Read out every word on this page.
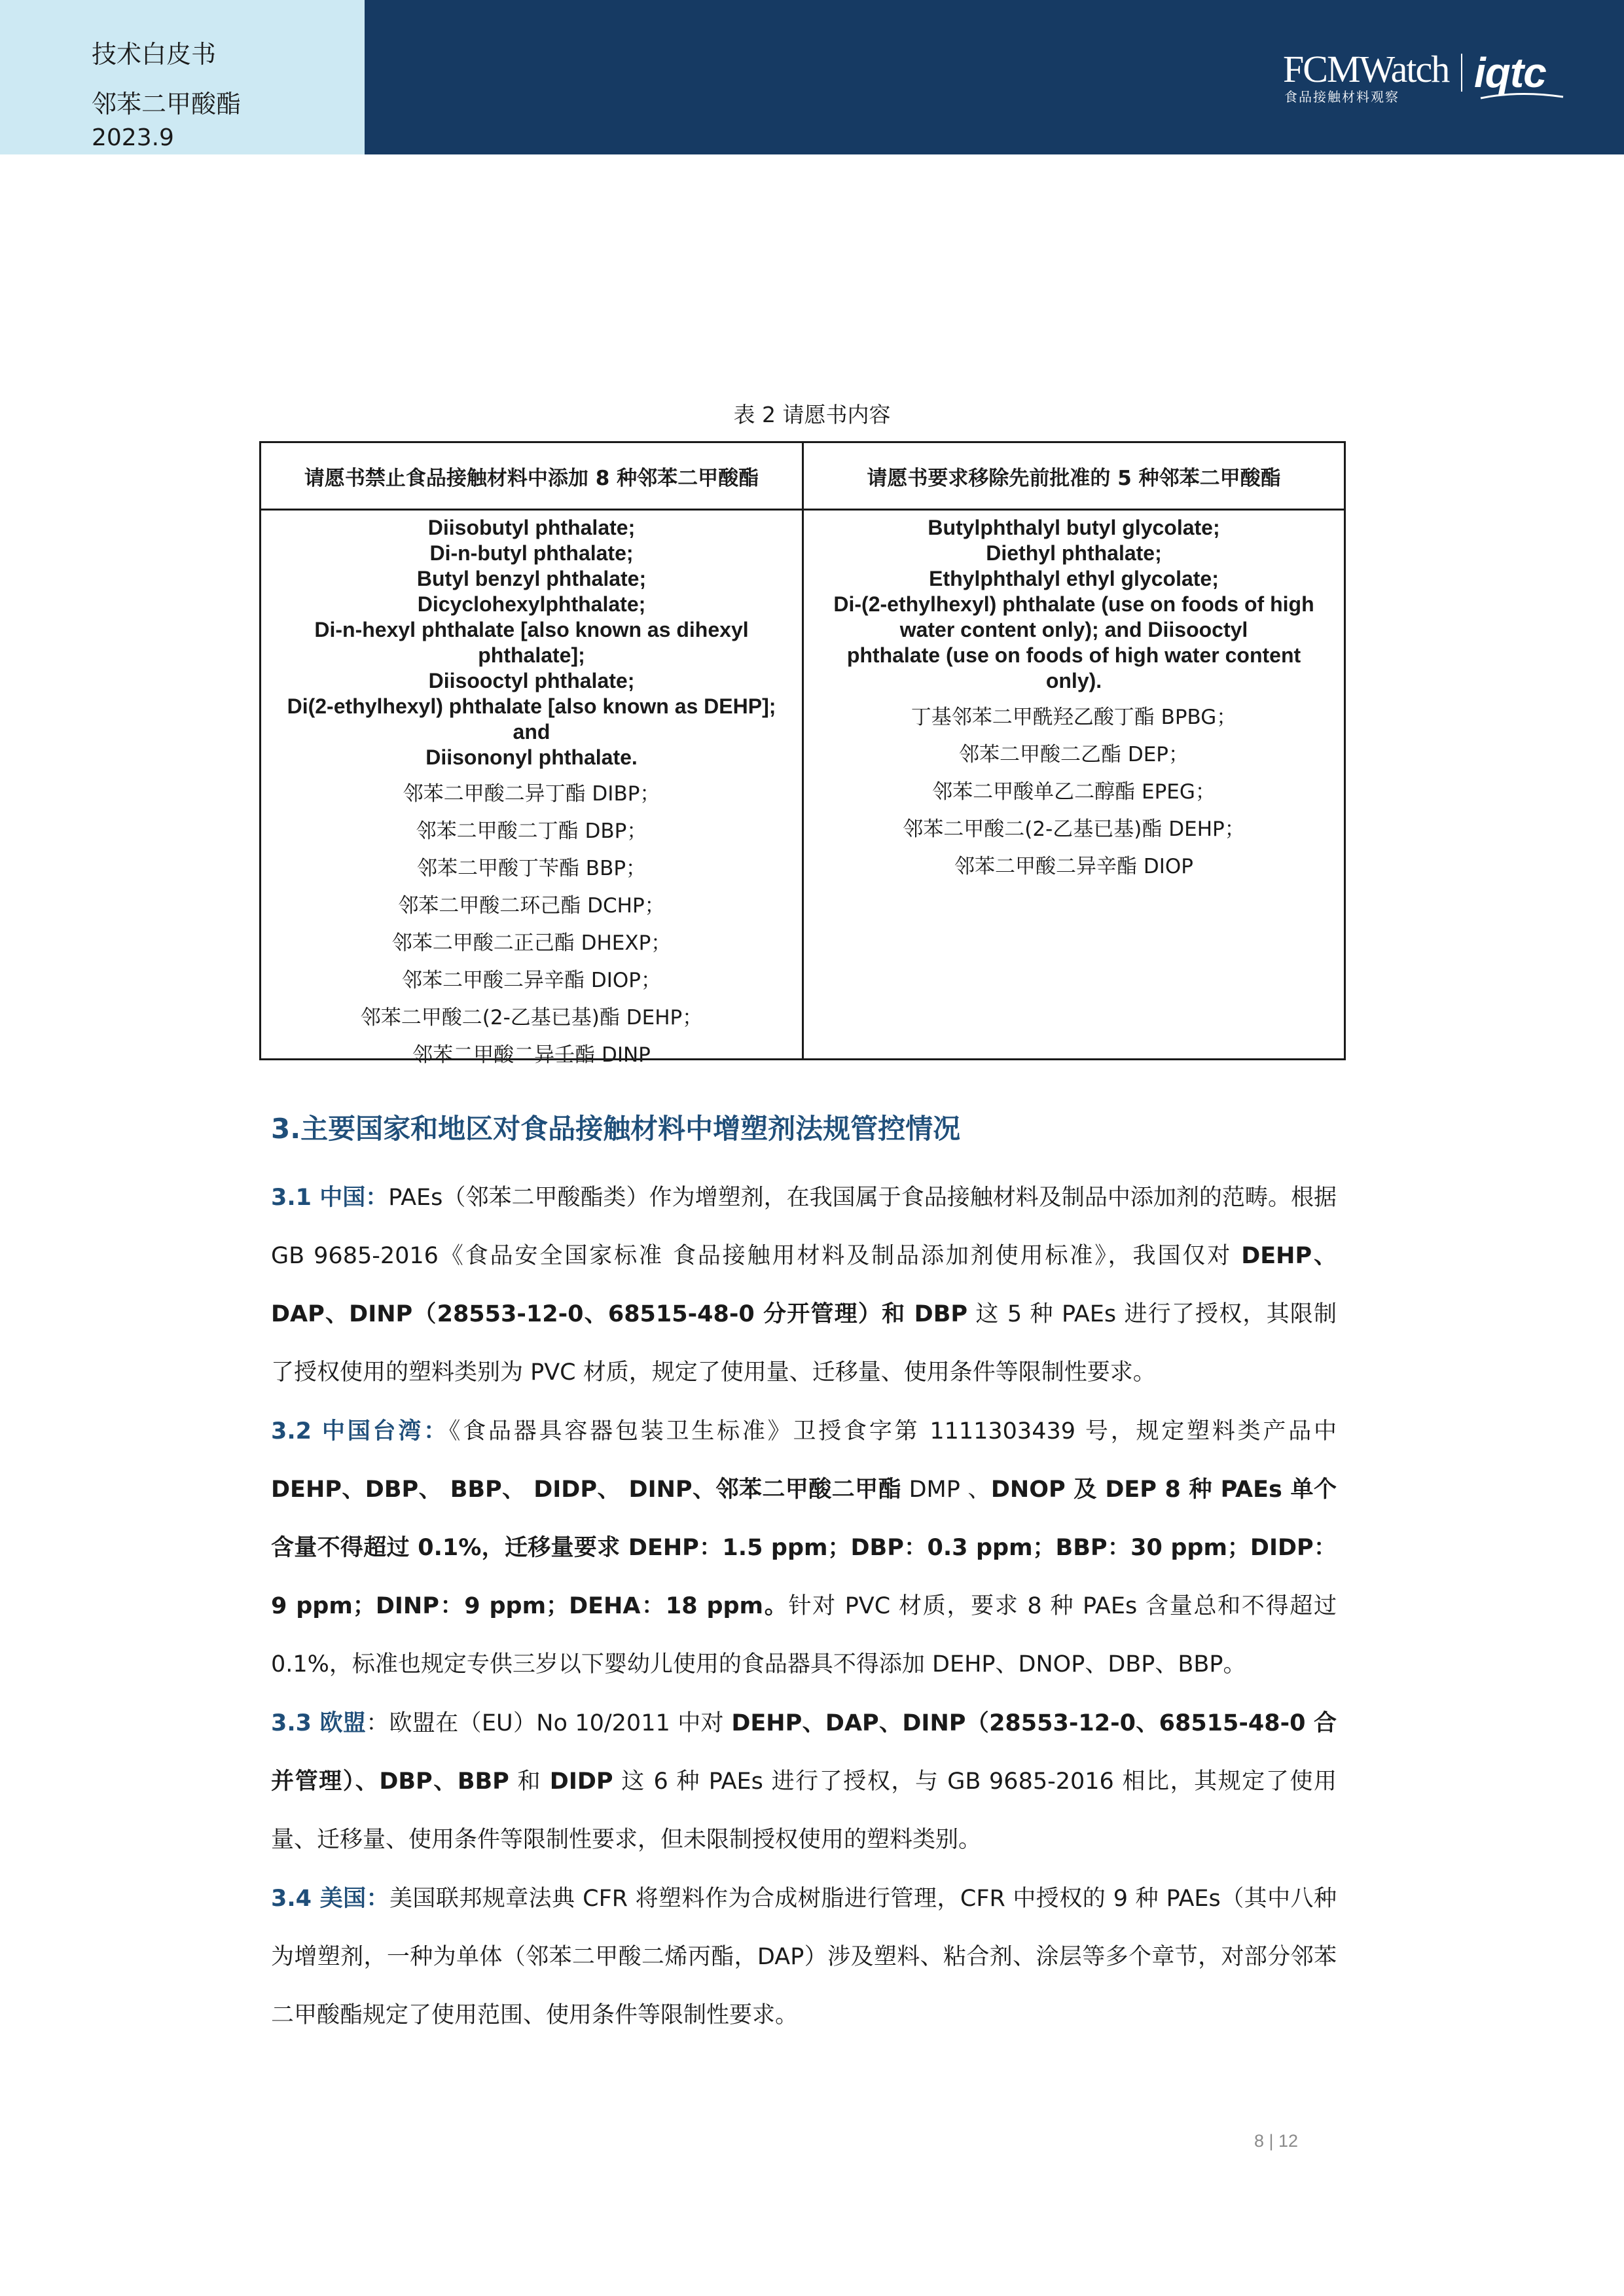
技术白皮书
邻苯二甲酸酯
2023.9
FCMWatch
食品接触材料观察
iqtc
表 2 请愿书内容
请愿书禁止食品接触材料中添加 8 种邻苯二甲酸酯	请愿书要求移除先前批准的 5 种邻苯二甲酸酯
Diisobutyl phthalate;
Di-n-butyl phthalate;
Butyl benzyl phthalate;
Dicyclohexylphthalate;
Di-n-hexyl phthalate [also known as dihexyl
phthalate];
Diisooctyl phthalate;
Di(2-ethylhexyl) phthalate [also known as DEHP];
and
Diisononyl phthalate.
邻苯二甲酸二异丁酯 DIBP；
邻苯二甲酸二丁酯 DBP；
邻苯二甲酸丁苄酯 BBP；
邻苯二甲酸二环己酯 DCHP；
邻苯二甲酸二正己酯 DHEXP；
邻苯二甲酸二异辛酯 DIOP；
邻苯二甲酸二(2-乙基已基)酯 DEHP；
邻苯二甲酸二异壬酯 DINP
Butylphthalyl butyl glycolate;
Diethyl phthalate;
Ethylphthalyl ethyl glycolate;
Di-(2-ethylhexyl) phthalate (use on foods of high
water content only); and Diisooctyl
phthalate (use on foods of high water content
only).
丁基邻苯二甲酰羟乙酸丁酯 BPBG；
邻苯二甲酸二乙酯 DEP；
邻苯二甲酸单乙二醇酯 EPEG；
邻苯二甲酸二(2-乙基已基)酯 DEHP；
邻苯二甲酸二异辛酯 DIOP
3.主要国家和地区对食品接触材料中增塑剂法规管控情况
3.1 中国：PAEs（邻苯二甲酸酯类）作为增塑剂，在我国属于食品接触材料及制品中添加剂的范畴。根据 GB 9685-2016《食品安全国家标准 食品接触用材料及制品添加剂使用标准》，我国仅对 DEHP、DAP、DINP（28553-12-0、68515-48-0 分开管理）和 DBP 这 5 种 PAEs 进行了授权，其限制了授权使用的塑料类别为 PVC 材质，规定了使用量、迁移量、使用条件等限制性要求。
3.2 中国台湾：《食品器具容器包装卫生标准》卫授食字第 1111303439 号，规定塑料类产品中 DEHP、DBP、 BBP、 DIDP、 DINP、邻苯二甲酸二甲酯 DMP 、DNOP 及 DEP 8 种 PAEs 单个含量不得超过 0.1%，迁移量要求 DEHP：1.5 ppm；DBP：0.3 ppm；BBP：30 ppm；DIDP：9 ppm；DINP：9 ppm；DEHA：18 ppm。针对 PVC 材质，要求 8 种 PAEs 含量总和不得超过 0.1%，标准也规定专供三岁以下婴幼儿使用的食品器具不得添加 DEHP、DNOP、DBP、BBP。
3.3 欧盟：欧盟在（EU）No 10/2011 中对 DEHP、DAP、DINP（28553-12-0、68515-48-0 合并管理）、DBP、BBP 和 DIDP 这 6 种 PAEs 进行了授权，与 GB 9685-2016 相比，其规定了使用量、迁移量、使用条件等限制性要求，但未限制授权使用的塑料类别。
3.4 美国：美国联邦规章法典 CFR 将塑料作为合成树脂进行管理，CFR 中授权的 9 种 PAEs（其中八种为增塑剂，一种为单体（邻苯二甲酸二烯丙酯，DAP）涉及塑料、粘合剂、涂层等多个章节，对部分邻苯二甲酸酯规定了使用范围、使用条件等限制性要求。
8 | 12
